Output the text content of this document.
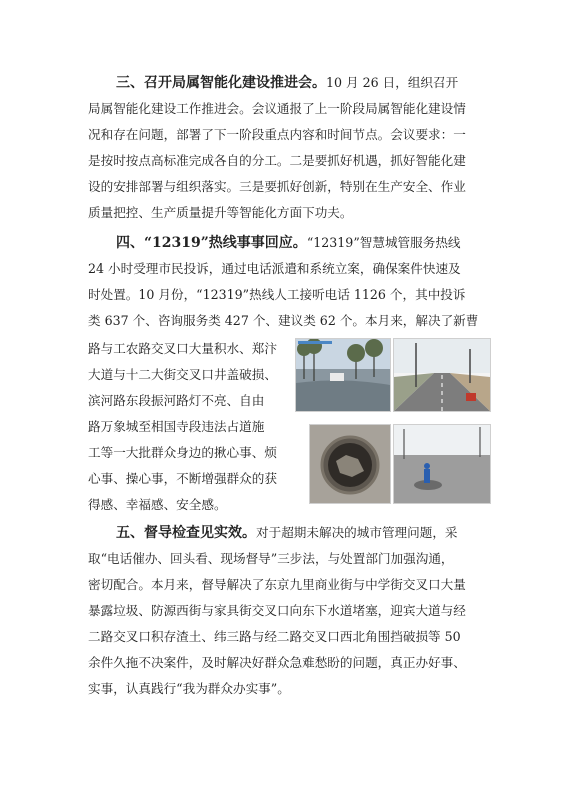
三、召开局属智能化建设推进会。10 月 26 日，组织召开
局属智能化建设工作推进会。会议通报了上一阶段局属智能化建设情
况和存在问题，部署了下一阶段重点内容和时间节点。会议要求：一
是按时按点高标准完成各自的分工。二是要抓好机遇，抓好智能化建
设的安排部署与组织落实。三是要抓好创新，特别在生产安全、作业
质量把控、生产质量提升等智能化方面下功夫。
四、“12319”热线事事回应。“12319”智慧城管服务热线
24 小时受理市民投诉，通过电话派遣和系统立案，确保案件快速及
时处置。10 月份，“12319”热线人工接听电话 1126 个，其中投诉
类 637 个、咨询服务类 427 个、建议类 62 个。本月来，解决了新曹
路与工农路交叉口大量积水、郑汴
大道与十二大街交叉口井盖破损、
滨河路东段振河路灯不亮、自由
路万象城至相国寺段违法占道施
工等一大批群众身边的揪心事、烦
心事、操心事，不断增强群众的获
得感、幸福感、安全感。
五、督导检查见实效。对于超期未解决的城市管理问题，采
取“电话催办、回头看、现场督导”三步法，与处置部门加强沟通，
密切配合。本月来，督导解决了东京九里商业街与中学街交叉口大量
暴露垃圾、防源西街与家具街交叉口向东下水道堵塞，迎宾大道与经
二路交叉口积存渣土、纬三路与经二路交叉口西北角围挡破损等 50
余件久拖不决案件，及时解决好群众急难愁盼的问题，真正办好事、
实事，认真践行“我为群众办实事”。
